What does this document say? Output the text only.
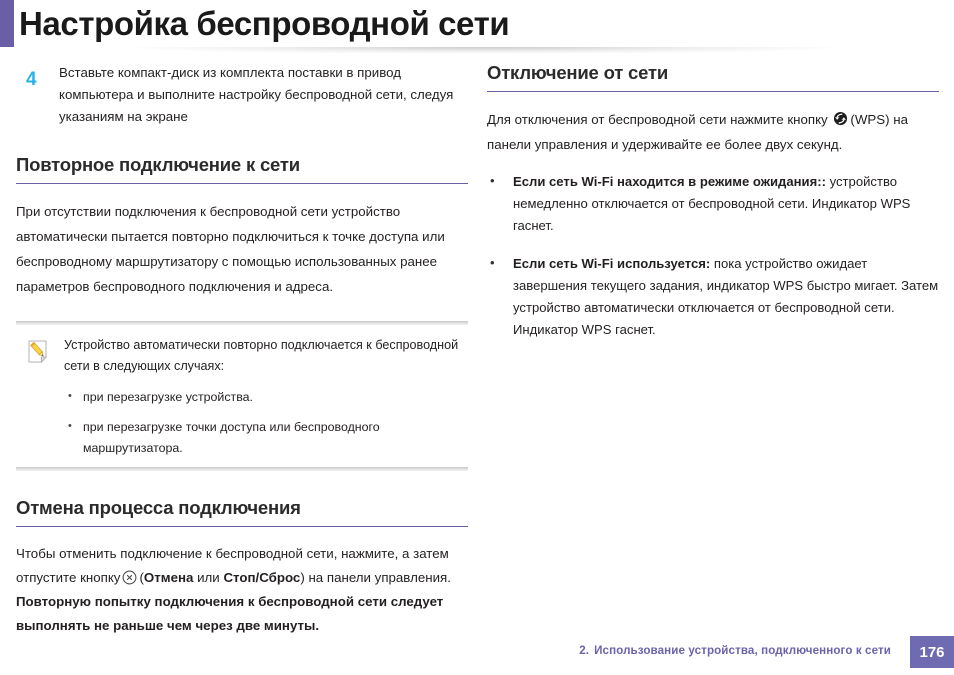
Настройка беспроводной сети
4 Вставьте компакт-диск из комплекта поставки в привод компьютера и выполните настройку беспроводной сети, следуя указаниям на экране
Повторное подключение к сети

При отсутствии подключения к беспроводной сети устройство автоматически пытается повторно подключиться к точке доступа или беспроводному маршрутизатору с помощью использованных ранее параметров беспроводного подключения и адреса.

Устройство автоматически повторно подключается к беспроводной сети в следующих случаях:

• при перезагрузке устройства.
• при перезагрузке точки доступа или беспроводного маршрутизатора.
Отмена процесса подключения

Чтобы отменить подключение к беспроводной сети, нажмите, а затем отпустите кнопку (Отмена или Стоп/Сброс) на панели управления. Повторную попытку подключения к беспроводной сети следует выполнять не раньше чем через две минуты.

Отключение от сети

Для отключения от беспроводной сети нажмите кнопку (WPS) на панели управления и удерживайте ее более двух секунд.

• Если сеть Wi-Fi находится в режиме ожидания:: устройство немедленно отключается от беспроводной сети. Индикатор WPS гаснет.
• Если сеть Wi-Fi используется: пока устройство ожидает завершения текущего задания, индикатор WPS быстро мигает. Затем устройство автоматически отключается от беспроводной сети. Индикатор WPS гаснет.
2. Использование устройства, подключенного к сети	176
